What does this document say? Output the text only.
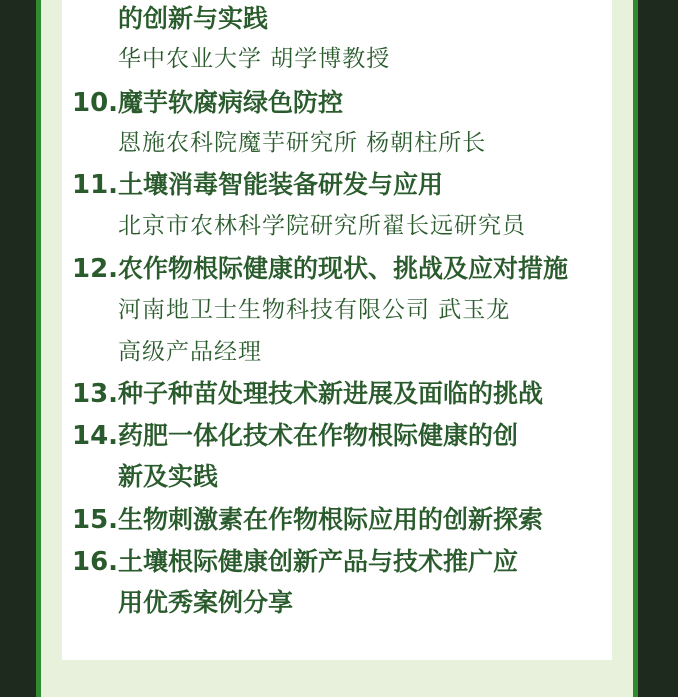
的创新与实践
华中农业大学 胡学博教授
10. 魔芋软腐病绿色防控
恩施农科院魔芋研究所 杨朝柱所长
11. 土壤消毒智能装备研发与应用
北京市农林科学院研究所翟长远研究员
12. 农作物根际健康的现状、挑战及应对措施
河南地卫士生物科技有限公司 武玉龙
高级产品经理
13. 种子种苗处理技术新进展及面临的挑战
14. 药肥一体化技术在作物根际健康的创
新及实践
15. 生物刺激素在作物根际应用的创新探索
16. 土壤根际健康创新产品与技术推广应
用优秀案例分享
